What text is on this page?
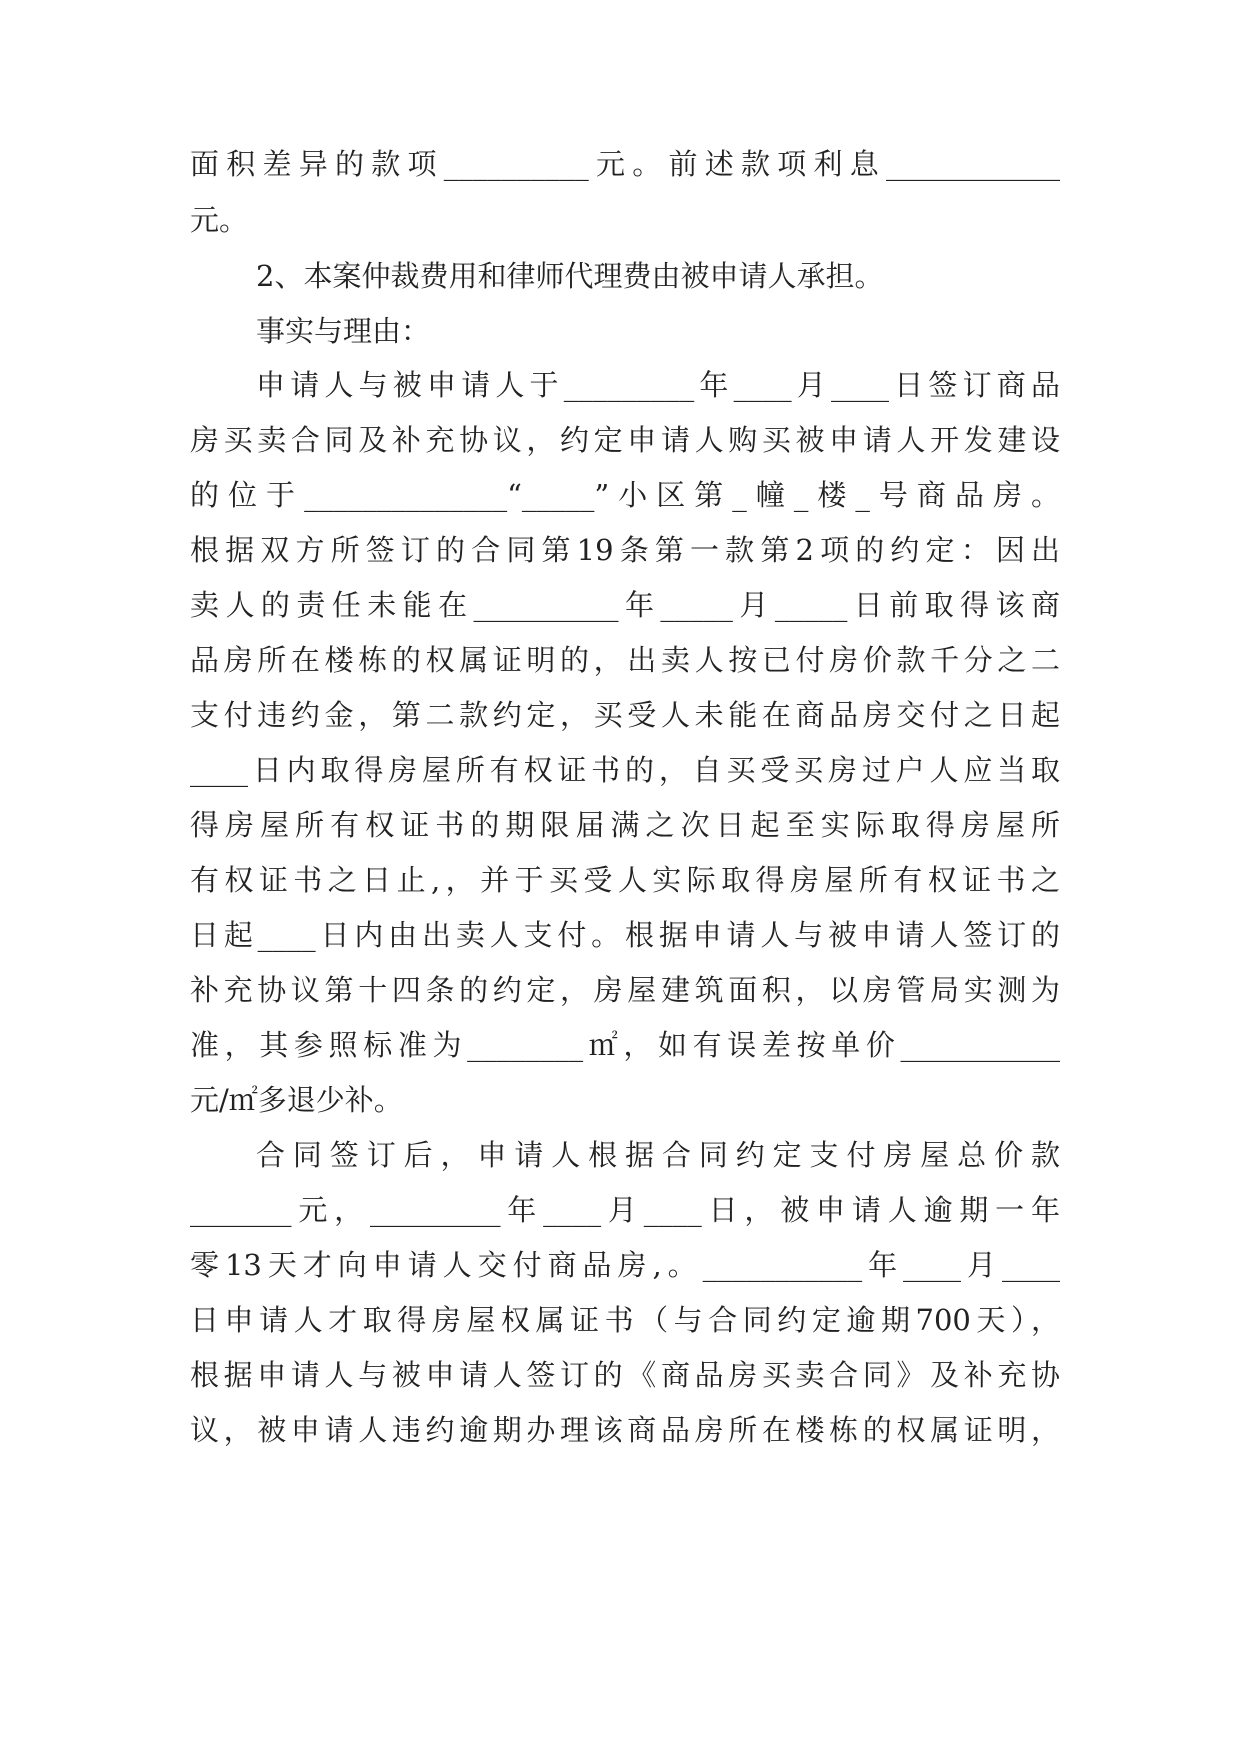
面积差异的款项__________元。前述款项利息____________
元。
2、本案仲裁费用和律师代理费由被申请人承担。
事实与理由：
申请人与被申请人于_________年____月____日签订商品
房买卖合同及补充协议，约定申请人购买被申请人开发建设
的位于______________“_____”小区第_幢_楼_号商品房。
根据双方所签订的合同第19条第一款第2项的约定：因出
卖人的责任未能在__________年_____月_____日前取得该商
品房所在楼栋的权属证明的，出卖人按已付房价款千分之二
支付违约金，第二款约定，买受人未能在商品房交付之日起
____日内取得房屋所有权证书的，自买受买房过户人应当取
得房屋所有权证书的期限届满之次日起至实际取得房屋所
有权证书之日止,，并于买受人实际取得房屋所有权证书之
日起____日内由出卖人支付。根据申请人与被申请人签订的
补充协议第十四条的约定，房屋建筑面积，以房管局实测为
准，其参照标准为________㎡，如有误差按单价___________
元/㎡多退少补。
合同签订后，申请人根据合同约定支付房屋总价款
_______元，_________年____月____日，被申请人逾期一年
零13天才向申请人交付商品房,。___________年____月____
日申请人才取得房屋权属证书（与合同约定逾期700天），
根据申请人与被申请人签订的《商品房买卖合同》及补充协
议，被申请人违约逾期办理该商品房所在楼栋的权属证明，
